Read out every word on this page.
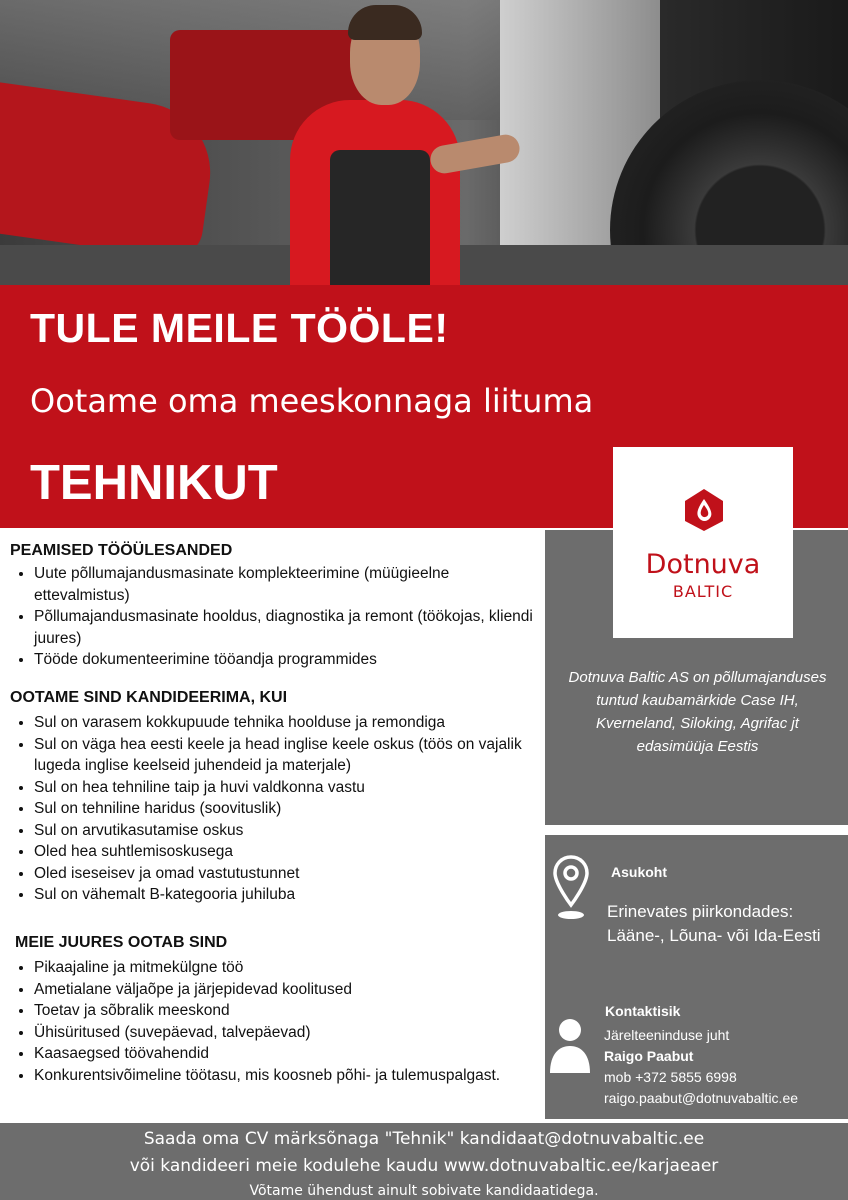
TULE MEILE TÖÖLE!
Ootame oma meeskonnaga liituma
TEHNIKUT
Dotnuva
BALTIC
Dotnuva Baltic AS on põllumajanduses tuntud kaubamärkide Case IH, Kverneland, Siloking, Agrifac jt edasimüüja Eestis
Asukoht
Erinevates piirkondades: Lääne-, Lõuna- või Ida-Eesti
Kontaktisik
Järelteeninduse juht
Raigo Paabut
mob +372 5855 6998
raigo.paabut@dotnuvabaltic.ee
PEAMISED TÖÖÜLESANDED
• Uute põllumajandusmasinate komplekteerimine (müügieelne ettevalmistus)
• Põllumajandusmasinate hooldus, diagnostika ja remont (töökojas, kliendi juures)
• Tööde dokumenteerimine tööandja programmides
OOTAME SIND KANDIDEERIMA, KUI
• Sul on varasem kokkupuude tehnika hoolduse ja remondiga
• Sul on väga hea eesti keele ja head inglise keele oskus (töös on vajalik lugeda inglise keelseid juhendeid ja materjale)
• Sul on hea tehniline taip ja huvi valdkonna vastu
• Sul on tehniline haridus (soovituslik)
• Sul on arvutikasutamise oskus
• Oled hea suhtlemisoskusega
• Oled iseseisev ja omad vastutustunnet
• Sul on vähemalt B-kategooria juhiluba
MEIE JUURES OOTAB SIND
• Pikaajaline ja mitmekülgne töö
• Ametialane väljaõpe ja järjepidevad koolitused
• Toetav ja sõbralik meeskond
• Ühisüritused (suvepäevad, talvepäevad)
• Kaasaegsed töövahendid
• Konkurentsivõimeline töötasu, mis koosneb põhi- ja tulemuspalgast.
Saada oma CV märksõnaga "Tehnik" kandidaat@dotnuvabaltic.ee
või kandideeri meie kodulehe kaudu www.dotnuvabaltic.ee/karjaeaer
Võtame ühendust ainult sobivate kandidaatidega.
